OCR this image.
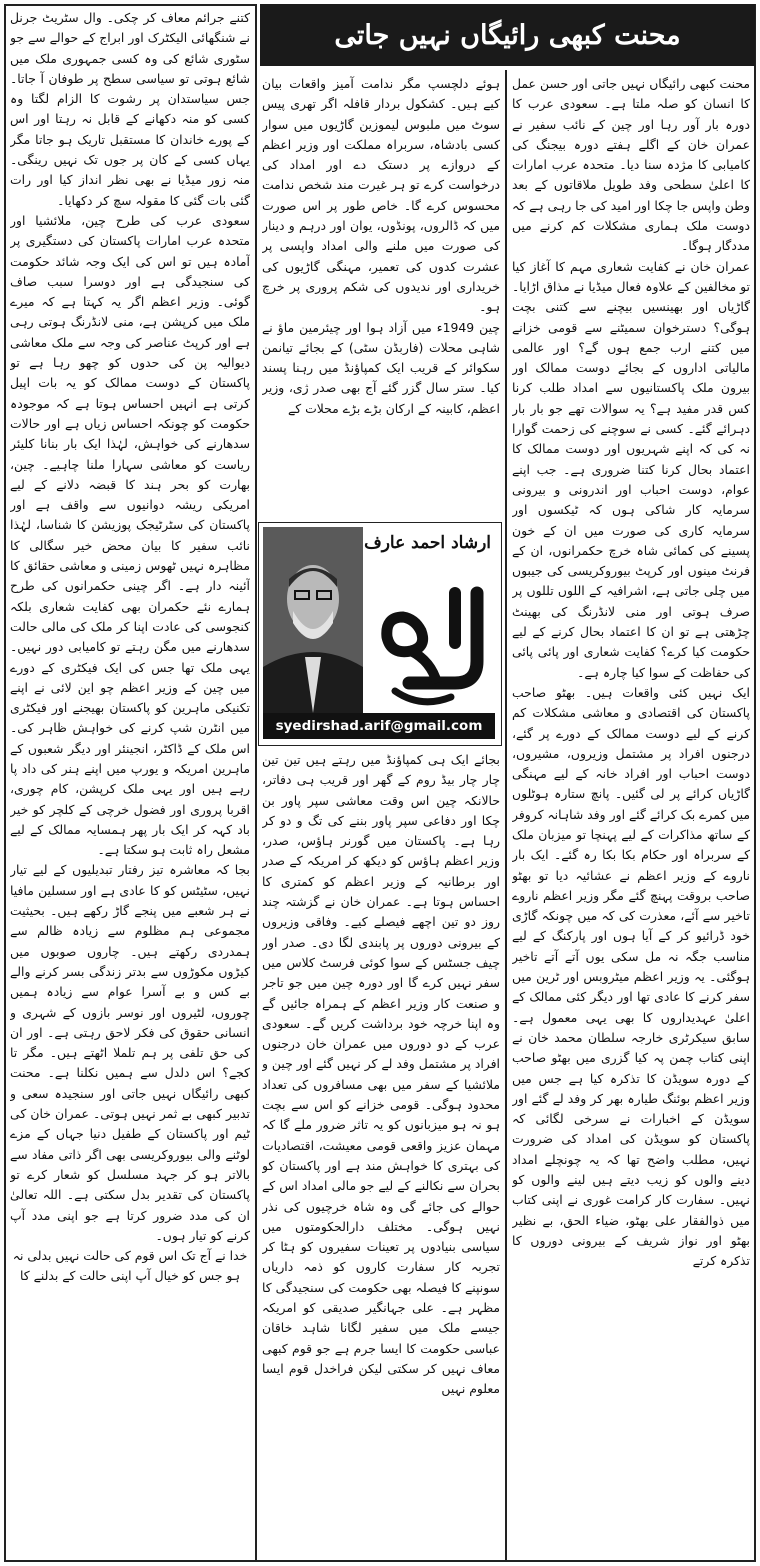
محنت کبھی رائیگاں نہیں جاتی

محنت کبھی رائیگاں نہیں جاتی اور حسن عمل کا انسان کو صلہ ملتا ہے۔ سعودی عرب کا دورہ بار آور رہا اور چین کے نائب سفیر نے عمران خان کے اگلے ہفتے دورہ بیجنگ کی کامیابی کا مژدہ سنا دیا۔ متحدہ عرب امارات کا اعلیٰ سطحی وفد طویل ملاقاتوں کے بعد وطن واپس جا چکا اور امید کی جا رہی ہے کہ دوست ملک ہماری مشکلات کم کرنے میں مددگار ہوگا۔

عمران خان نے کفایت شعاری مہم کا آغاز کیا تو مخالفین کے علاوہ فعال میڈیا نے مذاق اڑایا۔ گاڑیاں اور بھینسیں بیچنے سے کتنی بچت ہوگی؟ دسترخوان سمیٹنے سے قومی خزانے میں کتنے ارب جمع ہوں گے؟ اور عالمی مالیاتی اداروں کے بجائے دوست ممالک اور بیرون ملک پاکستانیوں سے امداد طلب کرنا کس قدر مفید ہے؟ یہ سوالات تھے جو بار بار دہرائے گئے۔ کسی نے سوچنے کی زحمت گوارا نہ کی کہ اپنے شہریوں اور دوست ممالک کا اعتماد بحال کرنا کتنا ضروری ہے۔ جب اپنے عوام، دوست احباب اور اندرونی و بیرونی سرمایہ کار شاکی ہوں کہ ٹیکسوں اور سرمایہ کاری کی صورت میں ان کے خون پسینے کی کمائی شاہ خرچ حکمرانوں، ان کے فرنٹ مینوں اور کرپٹ بیوروکریسی کی جیبوں میں چلی جاتی ہے، اشرافیہ کے اللوں تللوں پر صرف ہوتی اور منی لانڈرنگ کی بھینٹ چڑھتی ہے تو ان کا اعتماد بحال کرنے کے لیے حکومت کیا کرے؟ کفایت شعاری اور پائی پائی کی حفاظت کے سوا کیا چارہ ہے۔

ایک نہیں کئی واقعات ہیں۔ بھٹو صاحب پاکستان کی اقتصادی و معاشی مشکلات کم کرنے کے لیے دوست ممالک کے دورے پر گئے، درجنوں افراد پر مشتمل وزیروں، مشیروں، دوست احباب اور افراد خانہ کے لیے مہنگی گاڑیاں کرائے پر لی گئیں۔ پانچ ستارہ ہوٹلوں میں کمرے بک کرائے گئے اور وفد شاہانہ کروفر کے ساتھ مذاکرات کے لیے پہنچا تو میزبان ملک کے سربراہ اور حکام بکا بکا رہ گئے۔ ایک بار ناروے کے وزیر اعظم نے عشائیہ دیا تو بھٹو صاحب بروقت پہنچ گئے مگر وزیر اعظم ناروے تاخیر سے آئے، معذرت کی کہ میں چونکہ گاڑی خود ڈرائیو کر کے آیا ہوں اور پارکنگ کے لیے مناسب جگہ نہ مل سکی یوں آتے آتے تاخیر ہوگئی۔ یہ وزیر اعظم میٹروبس اور ٹرین میں سفر کرنے کا عادی تھا اور دیگر کئی ممالک کے اعلیٰ عہدیداروں کا بھی یہی معمول ہے۔ سابق سیکرٹری خارجہ سلطان محمد خان نے اپنی کتاب چمن پہ کیا گزری میں بھٹو صاحب کے دورہ سویڈن کا تذکرہ کیا ہے جس میں وزیر اعظم بوئنگ طیارہ بھر کر وفد لے گئے اور سویڈن کے اخبارات نے سرخی لگائی کہ پاکستان کو سویڈن کی امداد کی ضرورت نہیں، مطلب واضح تھا کہ یہ چونچلے امداد دینے والوں کو زیب دیتے ہیں لینے والوں کو نہیں۔ سفارت کار کرامت غوری نے اپنی کتاب میں ذوالفقار علی بھٹو، ضیاء الحق، بے نظیر بھٹو اور نواز شریف کے بیرونی دوروں کا تذکرہ کرتے

ہوئے دلچسپ مگر ندامت آمیز واقعات بیان کیے ہیں۔ کشکول بردار قافلہ اگر تھری پیس سوٹ میں ملبوس لیموزین گاڑیوں میں سوار کسی بادشاہ، سربراہ مملکت اور وزیر اعظم کے دروازے پر دستک دے اور امداد کی درخواست کرے تو ہر غیرت مند شخص ندامت محسوس کرے گا۔ خاص طور پر اس صورت میں کہ ڈالروں، پونڈوں، یوان اور درہم و دینار کی صورت میں ملنے والی امداد واپسی پر عشرت کدوں کی تعمیر، مہنگی گاڑیوں کی خریداری اور ندیدوں کی شکم پروری پر خرچ ہو۔

چین 1949ء میں آزاد ہوا اور چیئرمین ماؤ نے شاہی محلات (فاربڈن سٹی) کے بجائے تیانمن سکوائر کے قریب ایک کمپاؤنڈ میں رہنا پسند کیا۔ ستر سال گزر گئے آج بھی صدر ژی، وزیر اعظم، کابینہ کے ارکان بڑے بڑے محلات کے

ارشاد احمد عارف
syedirshad.arif@gmail.com

بجائے ایک ہی کمپاؤنڈ میں رہتے ہیں تین تین چار چار بیڈ روم کے گھر اور قریب ہی دفاتر، حالانکہ چین اس وقت معاشی سپر پاور بن چکا اور دفاعی سپر پاور بننے کی تگ و دو کر رہا ہے۔ پاکستان میں گورنر ہاؤس، صدر، وزیر اعظم ہاؤس کو دیکھ کر امریکہ کے صدر اور برطانیہ کے وزیر اعظم کو کمتری کا احساس ہوتا ہے۔ عمران خان نے گزشتہ چند روز دو تین اچھے فیصلے کیے۔ وفاقی وزیروں کے بیرونی دوروں پر پابندی لگا دی۔ صدر اور چیف جسٹس کے سوا کوئی فرسٹ کلاس میں سفر نہیں کرے گا اور دورہ چین میں جو تاجر و صنعت کار وزیر اعظم کے ہمراہ جائیں گے وہ اپنا خرچہ خود برداشت کریں گے۔ سعودی عرب کے دو دوروں میں عمران خان درجنوں افراد پر مشتمل وفد لے کر نہیں گئے اور چین و ملائشیا کے سفر میں بھی مسافروں کی تعداد محدود ہوگی۔ قومی خزانے کو اس سے بچت ہو نہ ہو میزبانوں کو یہ تاثر ضرور ملے گا کہ مہمان عزیز واقعی قومی معیشت، اقتصادیات کی بہتری کا خواہش مند ہے اور پاکستان کو بحران سے نکالنے کے لیے جو مالی امداد اس کے حوالے کی جائے گی وہ شاہ خرچیوں کی نذر نہیں ہوگی۔ مختلف دارالحکومتوں میں سیاسی بنیادوں پر تعینات سفیروں کو ہٹا کر تجربہ کار سفارت کاروں کو ذمہ داریاں سونپنے کا فیصلہ بھی حکومت کی سنجیدگی کا مظہر ہے۔ علی جہانگیر صدیقی کو امریکہ جیسے ملک میں سفیر لگانا شاہد خاقان عباسی حکومت کا ایسا جرم ہے جو قوم کبھی معاف نہیں کر سکتی لیکن فراخدل قوم ایسا معلوم نہیں

کتنے جرائم معاف کر چکی۔ وال سٹریٹ جرنل نے شنگھائی الیکٹرک اور ابراج کے حوالے سے جو سٹوری شائع کی وہ کسی جمہوری ملک میں شائع ہوتی تو سیاسی سطح پر طوفان آ جاتا۔ جس سیاستدان پر رشوت کا الزام لگتا وہ کسی کو منہ دکھانے کے قابل نہ رہتا اور اس کے پورے خاندان کا مستقبل تاریک ہو جاتا مگر یہاں کسی کے کان پر جوں تک نہیں رینگی۔ منہ زور میڈیا نے بھی نظر انداز کیا اور رات گئی بات گئی کا مقولہ سچ کر دکھایا۔

سعودی عرب کی طرح چین، ملائشیا اور متحدہ عرب امارات پاکستان کی دستگیری پر آمادہ ہیں تو اس کی ایک وجہ شائد حکومت کی سنجیدگی ہے اور دوسرا سبب صاف گوئی۔ وزیر اعظم اگر یہ کہتا ہے کہ میرے ملک میں کرپشن ہے، منی لانڈرنگ ہوتی رہی ہے اور کرپٹ عناصر کی وجہ سے ملک معاشی دیوالیہ پن کی حدوں کو چھو رہا ہے تو پاکستان کے دوست ممالک کو یہ بات اپیل کرتی ہے انہیں احساس ہوتا ہے کہ موجودہ حکومت کو چونکہ احساس زیاں ہے اور حالات سدھارنے کی خواہش، لہٰذا ایک بار بنانا کلیئر ریاست کو معاشی سہارا ملنا چاہیے۔ چین، بھارت کو بحر ہند کا قبضہ دلانے کے لیے امریکی ریشہ دوانیوں سے واقف ہے اور پاکستان کی سٹرٹیجک پوزیشن کا شناسا، لہٰذا نائب سفیر کا بیان محض خیر سگالی کا مظاہرہ نہیں ٹھوس زمینی و معاشی حقائق کا آئینہ دار ہے۔ اگر چینی حکمرانوں کی طرح ہمارے نئے حکمران بھی کفایت شعاری بلکہ کنجوسی کی عادت اپنا کر ملک کی مالی حالت سدھارنے میں مگن رہتے تو کامیابی دور نہیں۔ یہی ملک تھا جس کی ایک فیکٹری کے دورے میں چین کے وزیر اعظم چو این لائی نے اپنے تکنیکی ماہرین کو پاکستان بھیجنے اور فیکٹری میں انٹرن شپ کرنے کی خواہش ظاہر کی۔ اس ملک کے ڈاکٹر، انجینئر اور دیگر شعبوں کے ماہرین امریکہ و یورپ میں اپنے ہنر کی داد پا رہے ہیں اور یہی ملک کرپشن، کام چوری، اقربا پروری اور فضول خرچی کے کلچر کو خیر باد کہہ کر ایک بار پھر ہمسایہ ممالک کے لیے مشعل راہ ثابت ہو سکتا ہے۔

بجا کہ معاشرہ تیز رفتار تبدیلیوں کے لیے تیار نہیں، سٹیٹس کو کا عادی ہے اور سسلین مافیا نے ہر شعبے میں پنجے گاڑ رکھے ہیں۔ بحیثیت مجموعی ہم مظلوم سے زیادہ ظالم سے ہمدردی رکھتے ہیں۔ چاروں صوبوں میں کیڑوں مکوڑوں سے بدتر زندگی بسر کرنے والے بے کس و بے آسرا عوام سے زیادہ ہمیں چوروں، لٹیروں اور نوسر بازوں کے شہری و انسانی حقوق کی فکر لاحق رہتی ہے۔ اور ان کی حق تلفی پر ہم تلملا اٹھتے ہیں۔ مگر تا کجے؟ اس دلدل سے ہمیں نکلنا ہے۔ محنت کبھی رائیگاں نہیں جاتی اور سنجیدہ سعی و تدبیر کبھی بے ثمر نہیں ہوتی۔ عمران خان کی ٹیم اور پاکستان کے طفیل دنیا جہاں کے مزے لوٹنے والی بیوروکریسی بھی اگر ذاتی مفاد سے بالاتر ہو کر جہد مسلسل کو شعار کرے تو پاکستان کی تقدیر بدل سکتی ہے۔ اللہ تعالیٰ ان کی مدد ضرور کرتا ہے جو اپنی مدد آپ کرنے کو تیار ہوں۔

خدا نے آج تک اس قوم کی حالت نہیں بدلی نہ ہو جس کو خیال آپ اپنی حالت کے بدلنے کا
